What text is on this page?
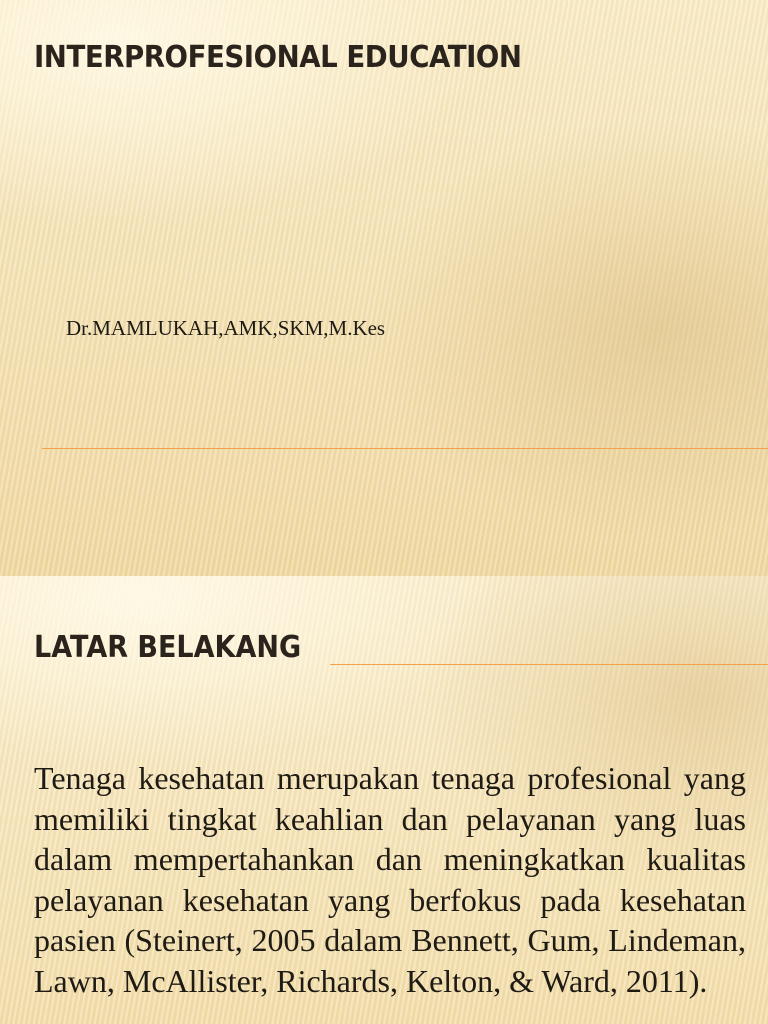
INTERPROFESIONAL EDUCATION

Dr.MAMLUKAH,AMK,SKM,M.Kes

LATAR BELAKANG

Tenaga kesehatan merupakan tenaga profesional yang memiliki tingkat keahlian dan pelayanan yang luas dalam mempertahankan dan meningkatkan kualitas pelayanan kesehatan yang berfokus pada kesehatan pasien (Steinert, 2005 dalam Bennett, Gum, Lindeman, Lawn, McAllister, Richards, Kelton, & Ward, 2011).
